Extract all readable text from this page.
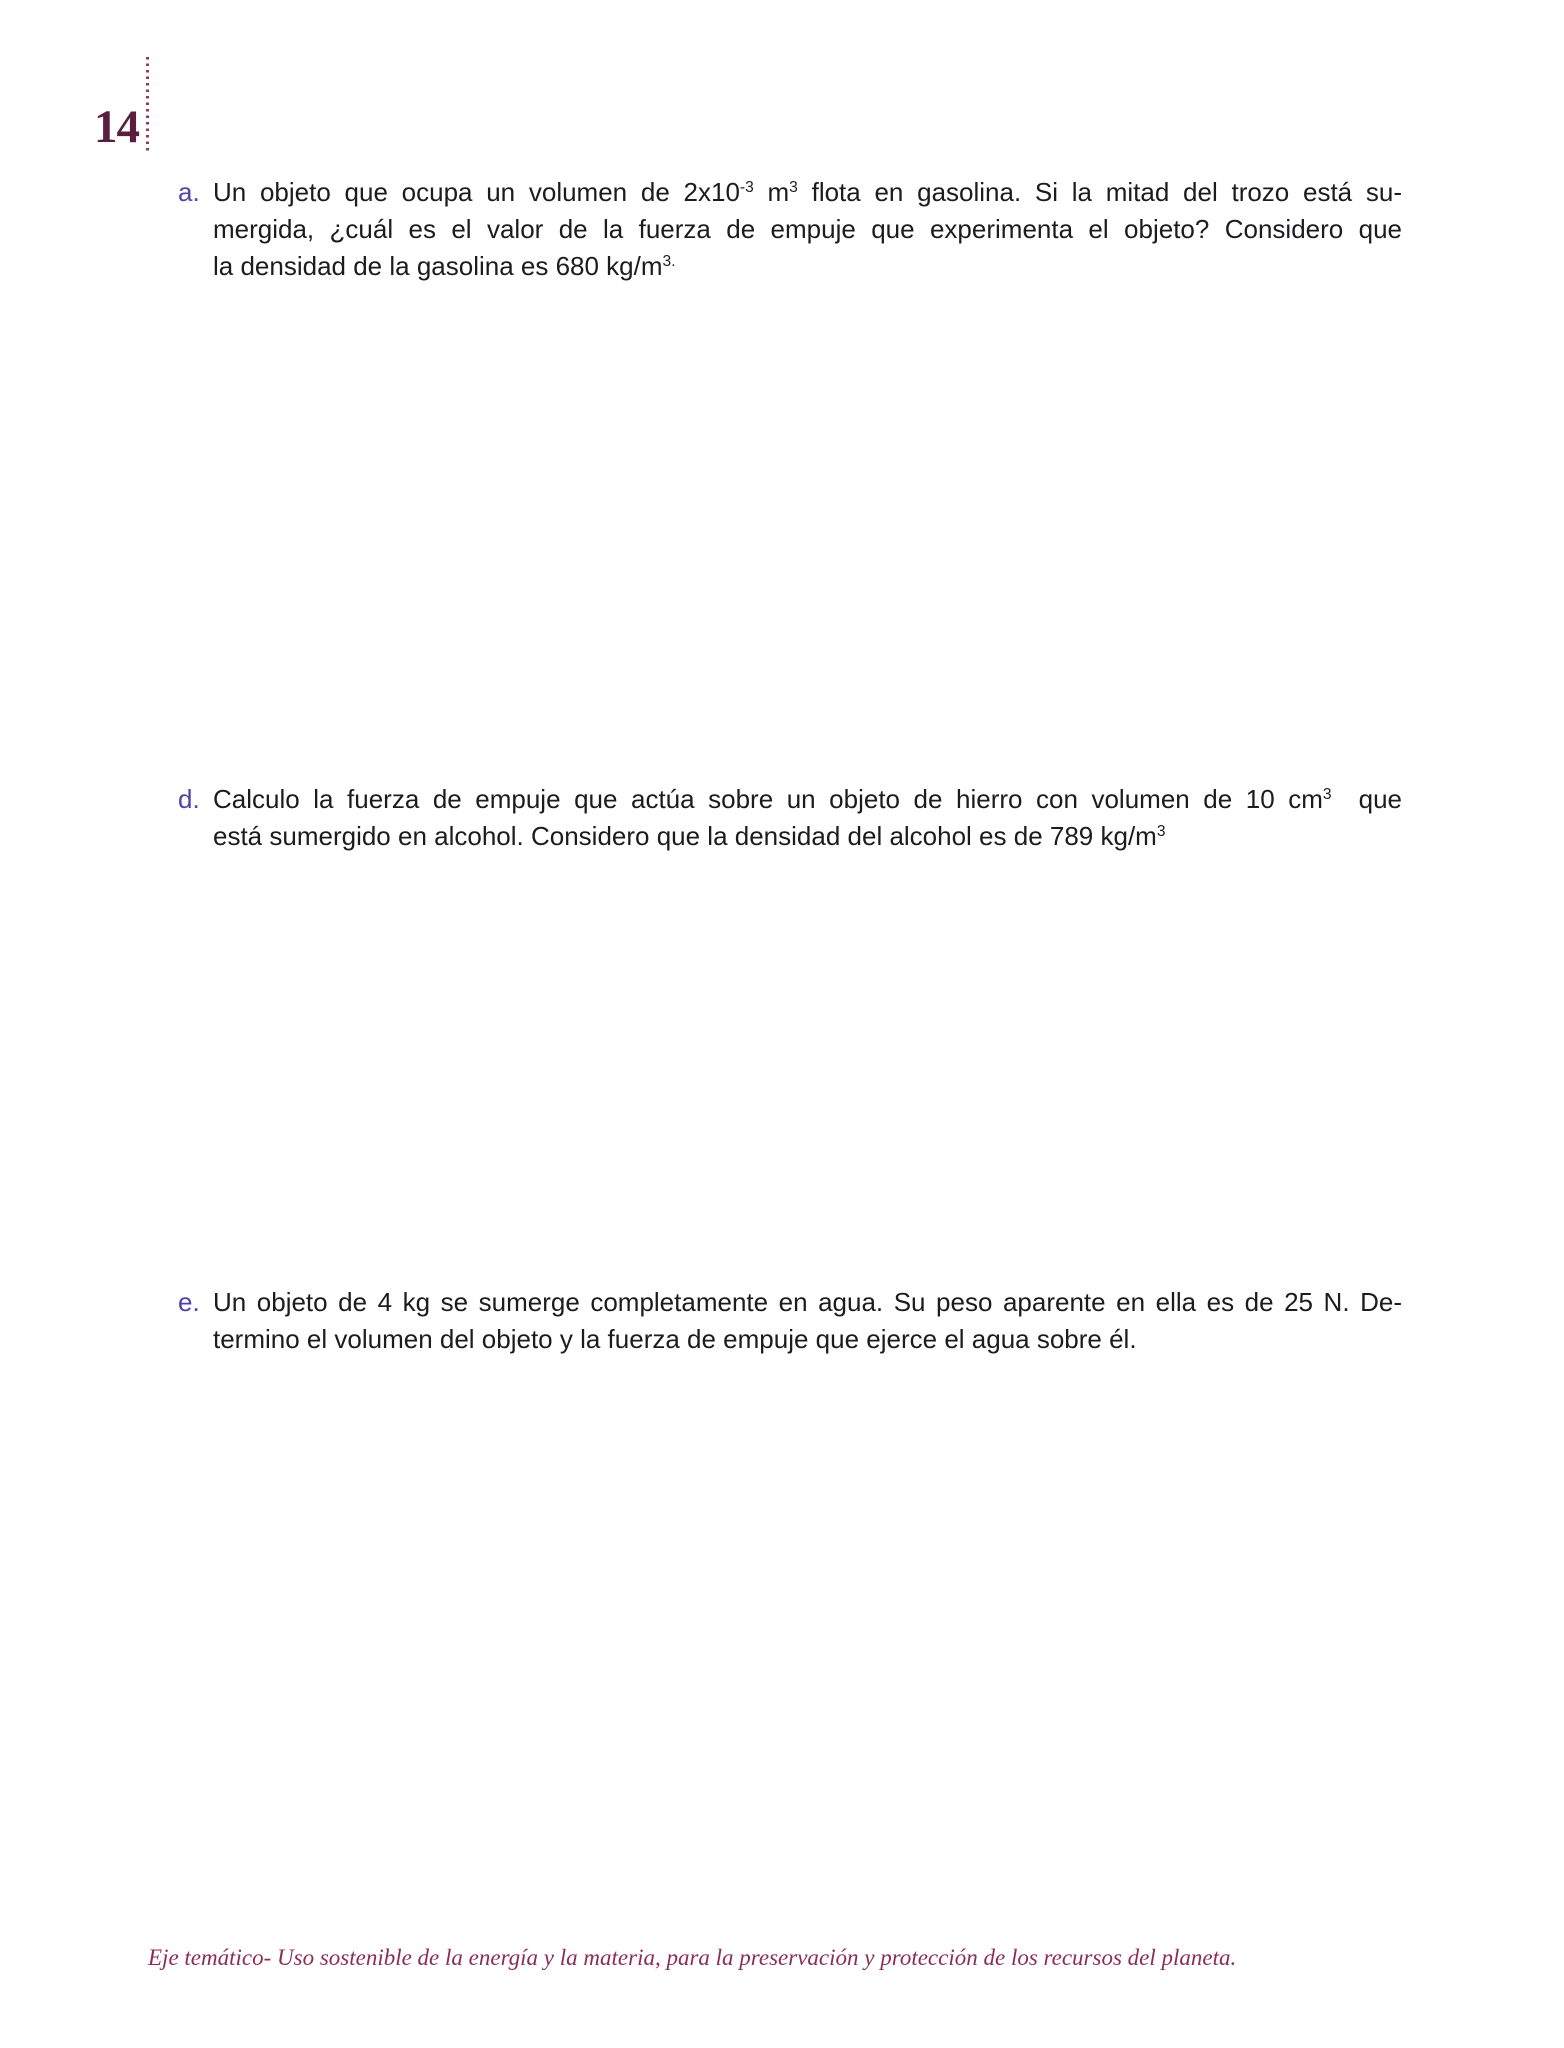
14
a. Un objeto que ocupa un volumen de $2x10^{-3}$ $m^3$ flota en gasolina. Si la mitad del trozo está su-
mergida, ¿cuál es el valor de la fuerza de empuje que experimenta el objeto? Considero que
la densidad de la gasolina es 680 $kg/m^{3.}$
d. Calculo la fuerza de empuje que actúa sobre un objeto de hierro con volumen de 10 $cm^3$  que
está sumergido en alcohol. Considero que la densidad del alcohol es de 789 $kg/m^3$
e. Un objeto de 4 kg se sumerge completamente en agua. Su peso aparente en ella es de 25 N. De-
termino el volumen del objeto y la fuerza de empuje que ejerce el agua sobre él.
Eje temático- Uso sostenible de la energía y la materia, para la preservación y protección de los recursos del planeta.
